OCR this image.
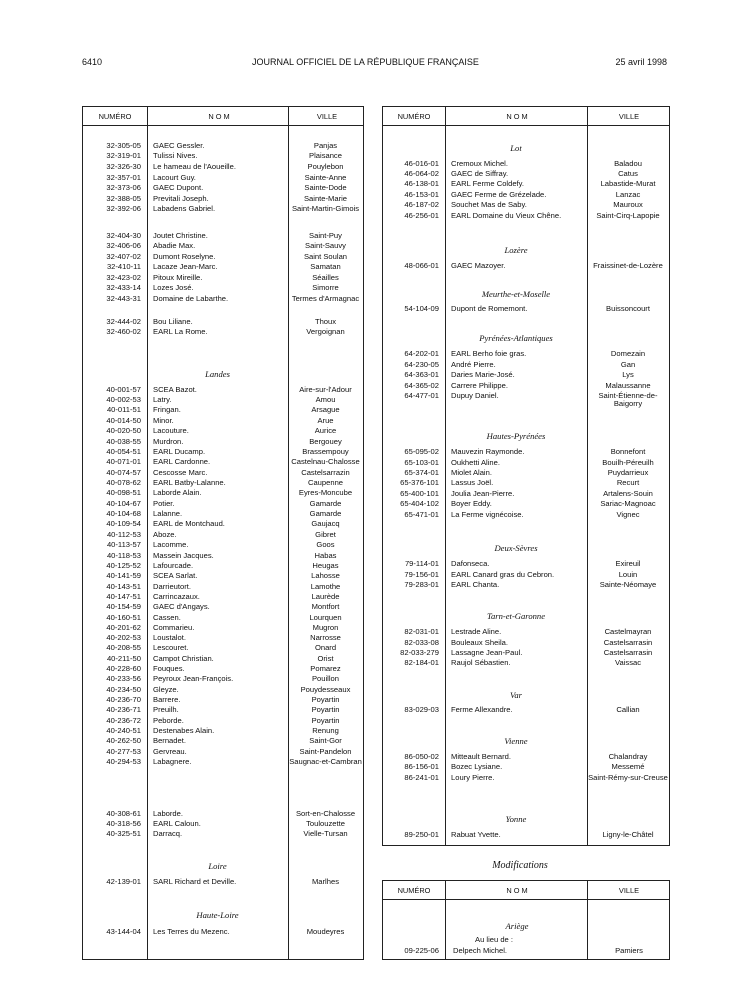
6410	JOURNAL OFFICIEL DE LA RÉPUBLIQUE FRANÇAISE	25 avril 1998
NUMÉRO	N O M	VILLE
32-305-05 GAEC Gessler.	Panjas
32-319-01 Tulissi Nives.	Plaisance
32-326-30 Le hameau de l'Aoueille.	Pouylebon
32-357-01 Lacourt Guy.	Sainte-Anne
32-373-06 GAEC Dupont.	Sainte-Dode
32-388-05 Previtali Joseph.	Sainte-Marie
32-392-06 Labadens Gabriel.	Saint-Martin-Gimois
32-404-30 Joutet Christine.	Saint-Puy
32-406-06 Abadie Max.	Saint-Sauvy
32-407-02 Dumont Roselyne.	Saint Soulan
32-410-11 Lacaze Jean-Marc.	Samatan
32-423-02 Pitoux Mireille.	Séailles
32-433-14 Lozes José.	Simorre
32-443-31 Domaine de Labarthe.	Termes d'Armagnac
32-444-02 Bou Liliane.	Thoux
32-460-02 EARL La Rome.	Vergoignan
Landes
40-001-57 SCEA Bazot.	Aire-sur-l'Adour
40-002-53 Latry.	Amou
40-011-51 Fringan.	Arsague
40-014-50 Minor.	Arue
40-020-50 Lacouture.	Aurice
40-038-55 Murdron.	Bergouey
40-054-51 EARL Ducamp.	Brassempouy
40-071-01 EARL Cardonne.	Castelnau-Chalosse
40-074-57 Cescosse Marc.	Castelsarrazin
40-078-62 EARL Batby-Lalanne.	Caupenne
40-098-51 Laborde Alain.	Eyres-Moncube
40-104-67 Potier.	Gamarde
40-104-68 Lalanne.	Gamarde
40-109-54 EARL de Montchaud.	Gaujacq
40-112-53 Aboze.	Gibret
40-113-57 Lacomme.	Goos
40-118-53 Massein Jacques.	Habas
40-125-52 Lafourcade.	Heugas
40-141-59 SCEA Sarlat.	Lahosse
40-143-51 Darrieutort.	Lamothe
40-147-51 Carrincazaux.	Laurède
40-154-59 GAEC d'Angays.	Montfort
40-160-51 Cassen.	Lourquen
40-201-62 Commarieu.	Mugron
40-202-53 Loustalot.	Narrosse
40-208-55 Lescouret.	Onard
40-211-50 Campot Christian.	Orist
40-228-60 Fouques.	Pomarez
40-233-56 Peyroux Jean-François.	Pouillon
40-234-50 Gleyze.	Pouydesseaux
40-236-70 Barrere.	Poyartin
40-236-71 Preuilh.	Poyartin
40-236-72 Peborde.	Poyartin
40-240-51 Destenabes Alain.	Renung
40-262-50 Bernadet.	Saint-Gor
40-277-53 Gervreau.	Saint-Pandelon
40-294-53 Labagnere.	Saugnac-et-Cambran
40-308-61 Laborde.	Sort-en-Chalosse
40-318-56 EARL Caloun.	Toulouzette
40-325-51 Darracq.	Vielle-Tursan
Loire
42-139-01 SARL Richard et Deville.	Marlhes
Haute-Loire
43-144-04 Les Terres du Mezenc.	Moudeyres
NUMÉRO	N O M	VILLE
Lot
46-016-01 Cremoux Michel.	Baladou
46-064-02 GAEC de Siffray.	Catus
46-138-01 EARL Ferme Coldefy.	Labastide-Murat
46-153-01 GAEC Ferme de Grézelade.	Lanzac
46-187-02 Souchet Mas de Saby.	Mauroux
46-256-01 EARL Domaine du Vieux Chêne.	Saint-Cirq-Lapopie
Lozère
48-066-01 GAEC Mazoyer.	Fraissinet-de-Lozère
Meurthe-et-Moselle
54-104-09 Dupont de Romemont.	Buissoncourt
Pyrénées-Atlantiques
64-202-01 EARL Berho foie gras.	Domezain
64-230-05 André Pierre.	Gan
64-363-01 Daries Marie-José.	Lys
64-365-02 Carrere Philippe.	Malaussanne
64-477-01 Dupuy Daniel.	Saint-Étienne-de-Baigorry
Hautes-Pyrénées
65-095-02 Mauvezin Raymonde.	Bonnefont
65-103-01 Oukhetti Aline.	Bouilh-Péreuilh
65-374-01 Miolet Alain.	Puydarrieux
65-376-101 Lassus Joël.	Recurt
65-400-101 Joulia Jean-Pierre.	Artalens-Souin
65-404-102 Boyer Eddy.	Sariac-Magnoac
65-471-01 La Ferme vignécoise.	Vignec
Deux-Sèvres
79-114-01 Dafonseca.	Exireuil
79-156-01 EARL Canard gras du Cebron.	Louin
79-283-01 EARL Chanta.	Sainte-Néomaye
Tarn-et-Garonne
82-031-01 Lestrade Aline.	Castelmayran
82-033-08 Bouleaux Sheila.	Castelsarrasin
82-033-279 Lassagne Jean-Paul.	Castelsarrasin
82-184-01 Raujol Sébastien.	Vaissac
Var
83-029-03 Ferme Allexandre.	Callian
Vienne
86-050-02 Mitteault Bernard.	Chalandray
86-156-01 Bozec Lysiane.	Messemé
86-241-01 Loury Pierre.	Saint-Rémy-sur-Creuse
Yonne
89-250-01 Rabuat Yvette.	Ligny-le-Châtel
Modifications
NUMÉRO	N O M	VILLE
Ariège
Au lieu de :
09-225-06 Delpech Michel.	Pamiers
